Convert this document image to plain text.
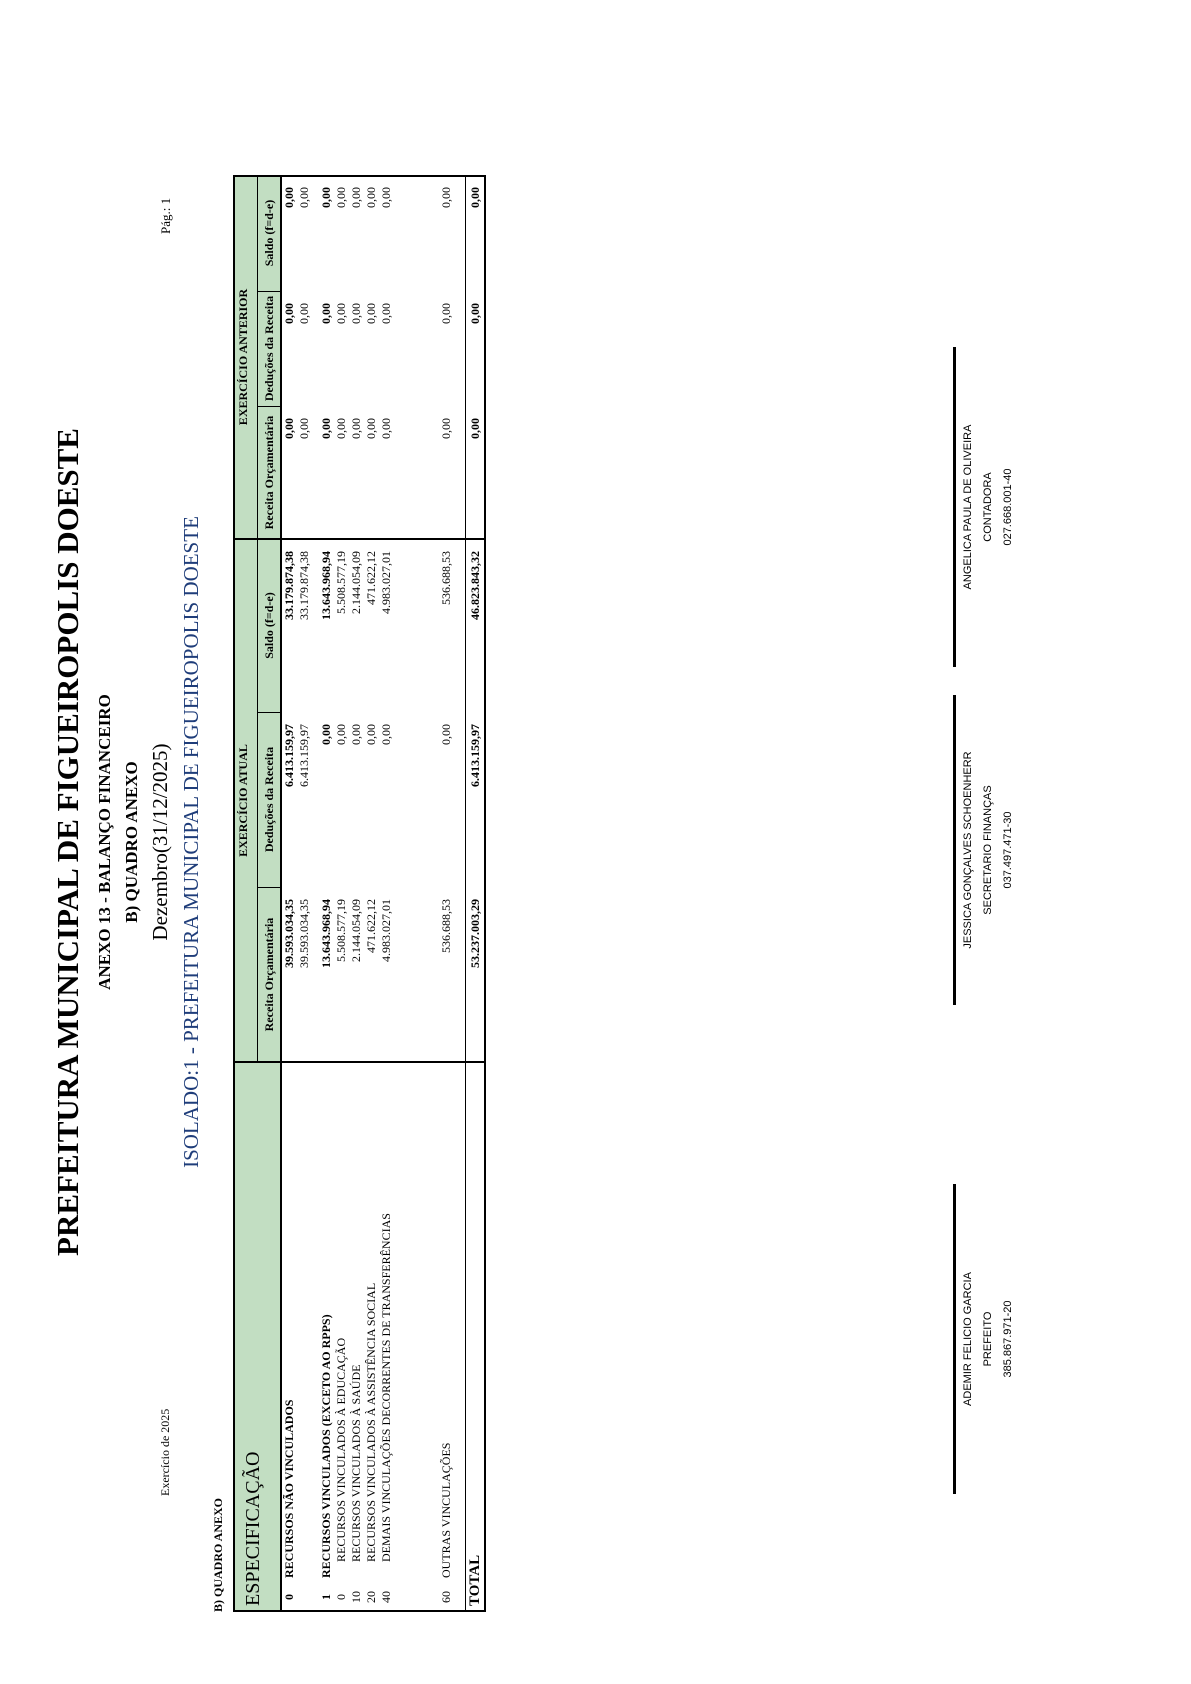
PREFEITURA MUNICIPAL DE FIGUEIROPOLIS DOESTE ANEXO 13 - BALANÇO FINANCEIRO B) QUADRO ANEXO Dezembro(31/12/2025) ISOLADO:1 - PREFEITURA MUNICIPAL DE FIGUEIROPOLIS DOESTE
Exercício de 2025
Pág.: 1
B) QUADRO ANEXO ESPECIFICAÇÃO
EXERCÍCIO ATUAL
EXERCÍCIO ANTERIOR
Receita Orçamentária
Deduções da Receita
Saldo (f=d-e)
Receita Orçamentária
Deduções da Receita
Saldo (f=d-e)
0
RECURSOS NÃO VINCULADOS
39.593.034,35
6.413.159,97
33.179.874,38
0,00
0,00
0,00
39.593.034,35
6.413.159,97
33.179.874,38
0,00
0,00
0,00
1
RECURSOS VINCULADOS (EXCETO AO RPPS)
13.643.968,94
0,00
13.643.968,94
0,00
0,00
0,00
0
RECURSOS VINCULADOS À EDUCAÇÃO
5.508.577,19
0,00
5.508.577,19
0,00
0,00
0,00
10
RECURSOS VINCULADOS À SAÚDE
2.144.054,09
0,00
2.144.054,09
0,00
0,00
0,00
20
RECURSOS VINCULADOS À ASSISTÊNCIA SOCIAL
471.622,12
0,00
471.622,12
0,00
0,00
0,00
40
DEMAIS VINCULAÇÕES DECORRENTES DE TRANSFERÊNCIAS
4.983.027,01
0,00
4.983.027,01
0,00
0,00
0,00
60
OUTRAS VINCULAÇÕES
536.688,53
0,00
536.688,53
0,00
0,00
0,00
TOTAL
53.237.003,29
6.413.159,97
46.823.843,32
0,00
0,00
0,00
ADEMIR FELICIO GARCIA PREFEITO 385.867.971-20
JESSICA GONÇALVES SCHOENHERR SECRETARIO FINANÇAS 037.497.471-30
ANGELICA PAULA DE OLIVEIRA CONTADORA 027.668.001-40
